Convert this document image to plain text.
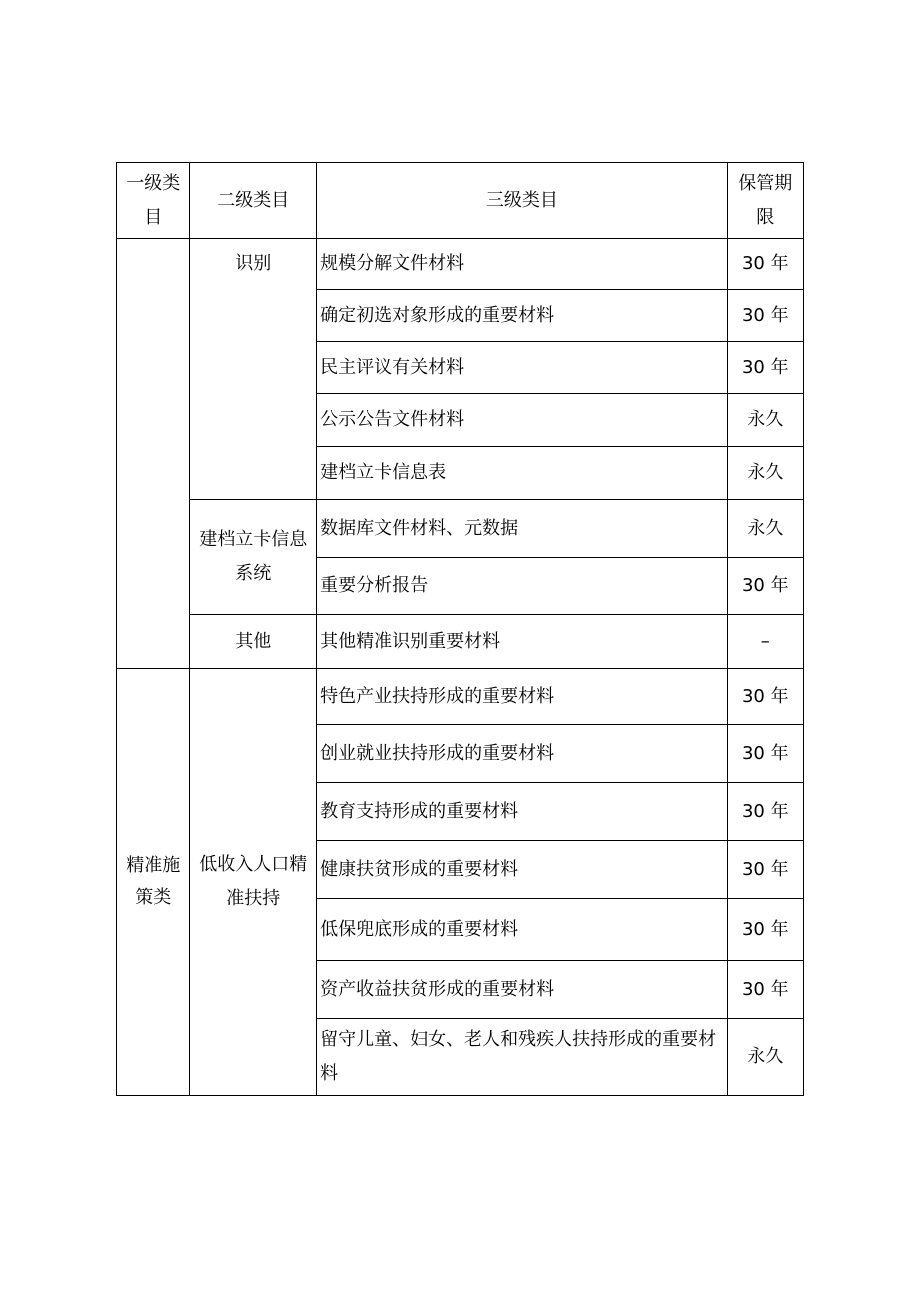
一级类目	二级类目	三级类目	保管期限
	识别	规模分解文件材料	30 年
		确定初选对象形成的重要材料	30 年
		民主评议有关材料	30 年
		公示公告文件材料	永久
		建档立卡信息表	永久
	建档立卡信息系统	数据库文件材料、元数据	永久
		重要分析报告	30 年
	其他	其他精准识别重要材料	–
精准施策类	低收入人口精准扶持	特色产业扶持形成的重要材料	30 年
		创业就业扶持形成的重要材料	30 年
		教育支持形成的重要材料	30 年
		健康扶贫形成的重要材料	30 年
		低保兜底形成的重要材料	30 年
		资产收益扶贫形成的重要材料	30 年
		留守儿童、妇女、老人和残疾人扶持形成的重要材料	永久
